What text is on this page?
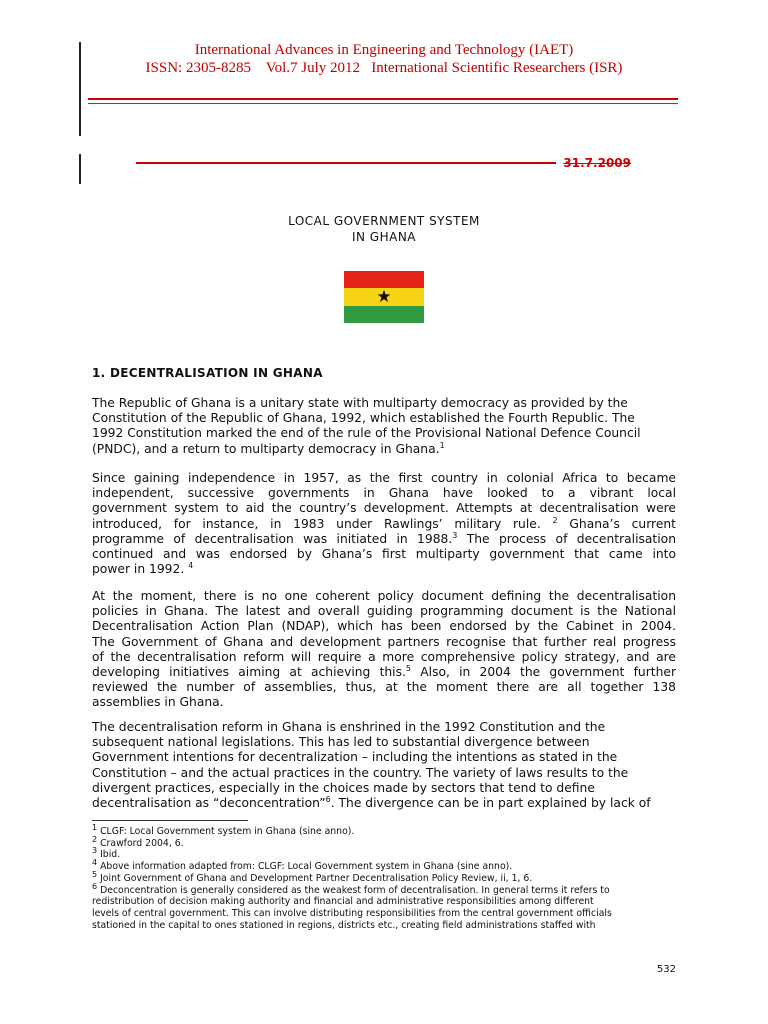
International Advances in Engineering and Technology (IAET)
ISSN: 2305-8285    Vol.7 July 2012   International Scientific Researchers (ISR)
31.7.2009
LOCAL GOVERNMENT SYSTEM
IN GHANA
★
1. DECENTRALISATION IN GHANA
The Republic of Ghana is a unitary state with multiparty democracy as provided by the
Constitution of the Republic of Ghana, 1992, which established the Fourth Republic. The
1992 Constitution marked the end of the rule of the Provisional National Defence Council
(PNDC), and a return to multiparty democracy in Ghana.$^1$
Since gaining independence in 1957, as the first country in colonial Africa to became
independent, successive governments in Ghana have looked to a vibrant local
government system to aid the country’s development. Attempts at decentralisation were
introduced, for instance, in 1983 under Rawlings’ military rule. $^2$ Ghana’s current
programme of decentralisation was initiated in 1988.$^3$ The process of decentralisation
continued and was endorsed by Ghana’s first multiparty government that came into
power in 1992. $^4$
At the moment, there is no one coherent policy document defining the decentralisation
policies in Ghana. The latest and overall guiding programming document is the National
Decentralisation Action Plan (NDAP), which has been endorsed by the Cabinet in 2004.
The Government of Ghana and development partners recognise that further real progress
of the decentralisation reform will require a more comprehensive policy strategy, and are
developing initiatives aiming at achieving this.$^5$ Also, in 2004 the government further
reviewed the number of assemblies, thus, at the moment there are all together 138
assemblies in Ghana.
The decentralisation reform in Ghana is enshrined in the 1992 Constitution and the
subsequent national legislations. This has led to substantial divergence between
Government intentions for decentralization – including the intentions as stated in the
Constitution – and the actual practices in the country. The variety of laws results to the
divergent practices, especially in the choices made by sectors that tend to define
decentralisation as “deconcentration”$^6$. The divergence can be in part explained by lack of
$^1$ CLGF: Local Government system in Ghana (sine anno).
$^2$ Crawford 2004, 6.
$^3$ Ibid.
$^4$ Above information adapted from: CLGF: Local Government system in Ghana (sine anno).
$^5$ Joint Government of Ghana and Development Partner Decentralisation Policy Review, ii, 1, 6.
$^6$ Deconcentration is generally considered as the weakest form of decentralisation. In general terms it refers to
redistribution of decision making authority and financial and administrative responsibilities among different
levels of central government. This can involve distributing responsibilities from the central government officials
stationed in the capital to ones stationed in regions, districts etc., creating field administrations staffed with
532
